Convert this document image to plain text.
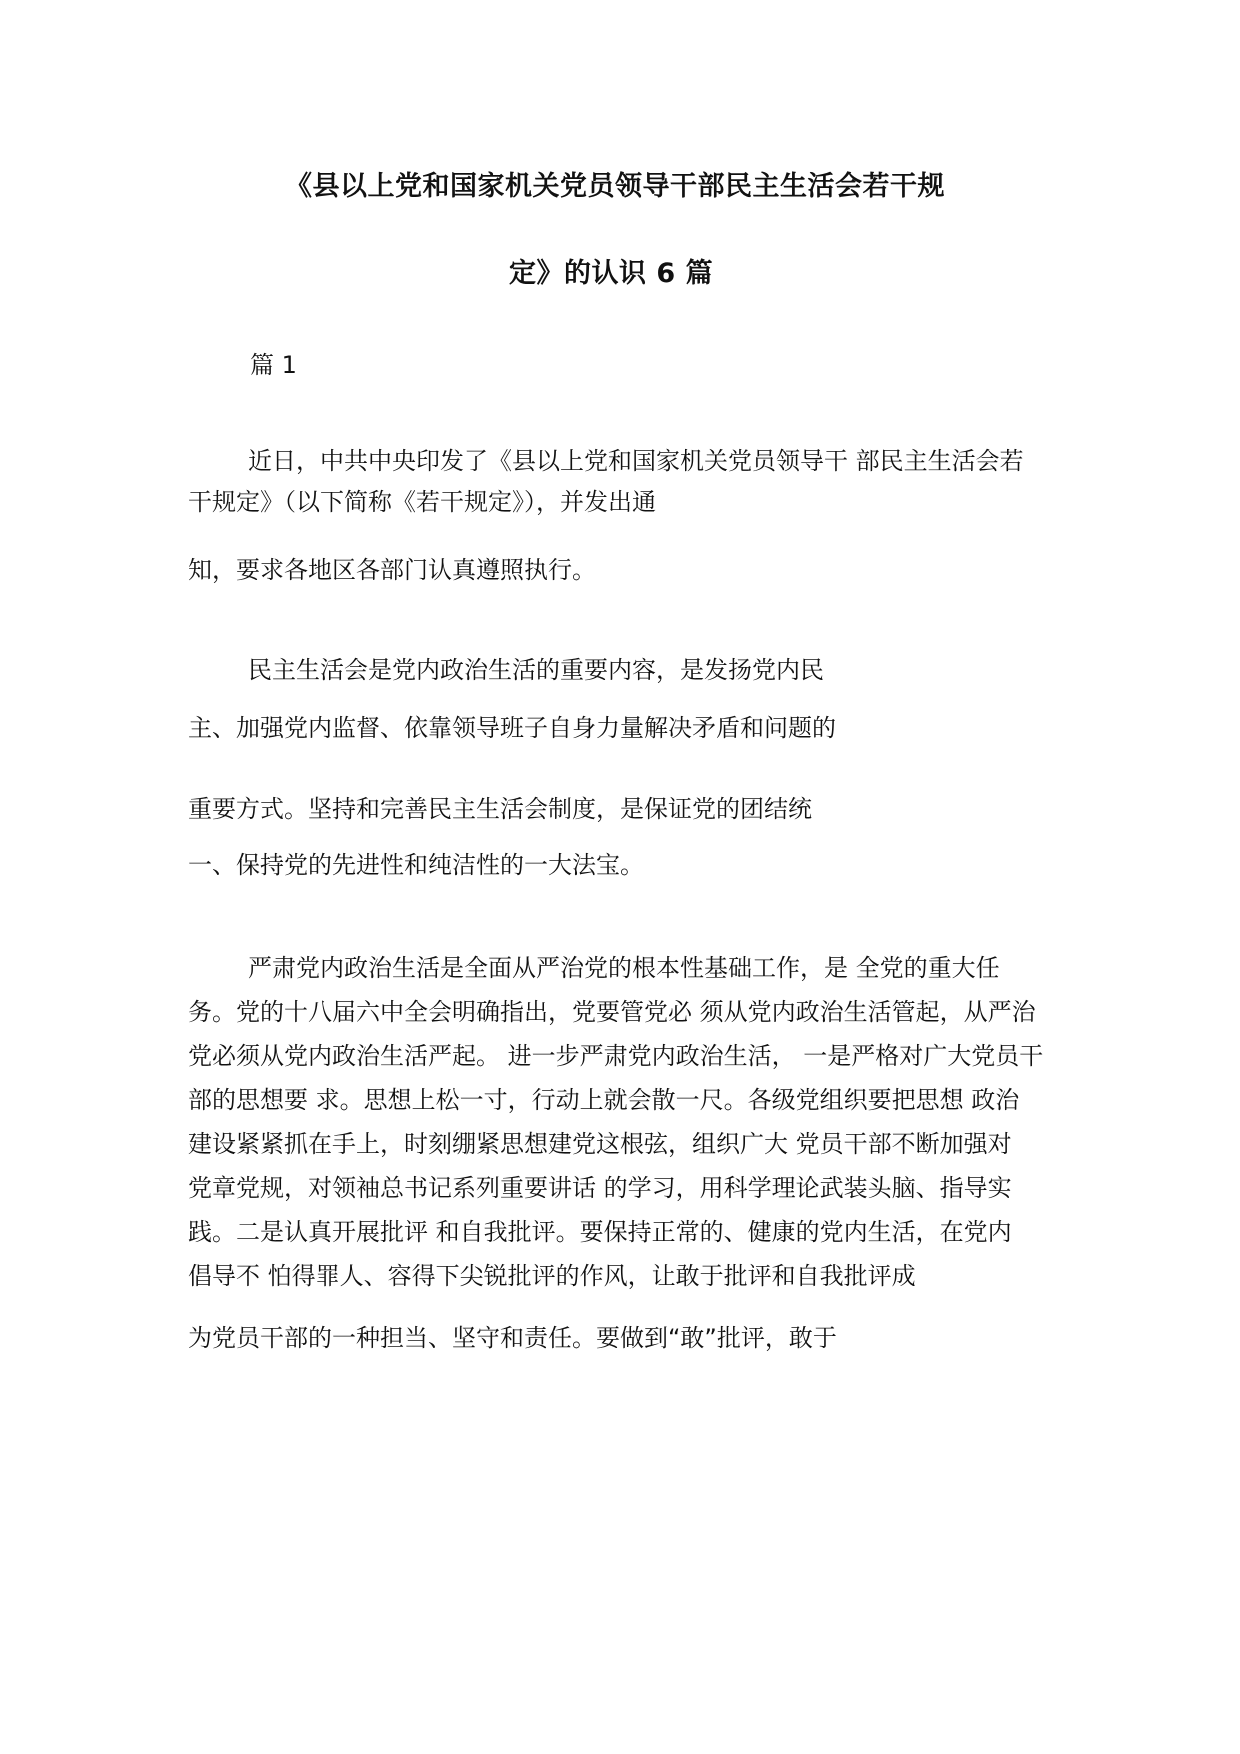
《县以上党和国家机关党员领导干部民主生活会若干规
定》的认识 6 篇
篇 1
近日，中共中央印发了《县以上党和国家机关党员领导干 部民主生活会若
干规定》（以下简称《若干规定》），并发出通
知，要求各地区各部门认真遵照执行。
民主生活会是党内政治生活的重要内容，是发扬党内民
主、加强党内监督、依靠领导班子自身力量解决矛盾和问题的
重要方式。坚持和完善民主生活会制度，是保证党的团结统
一、保持党的先进性和纯洁性的一大法宝。
严肃党内政治生活是全面从严治党的根本性基础工作，是 全党的重大任
务。党的十八届六中全会明确指出，党要管党必 须从党内政治生活管起，从严治
党必须从党内政治生活严起。 进一步严肃党内政治生活， 一是严格对广大党员干
部的思想要 求。思想上松一寸，行动上就会散一尺。各级党组织要把思想 政治
建设紧紧抓在手上，时刻绷紧思想建党这根弦，组织广大 党员干部不断加强对
党章党规，对领袖总书记系列重要讲话 的学习，用科学理论武装头脑、指导实
践。二是认真开展批评 和自我批评。要保持正常的、健康的党内生活，在党内
倡导不 怕得罪人、容得下尖锐批评的作风，让敢于批评和自我批评成
为党员干部的一种担当、坚守和责任。要做到“敢”批评，敢于
